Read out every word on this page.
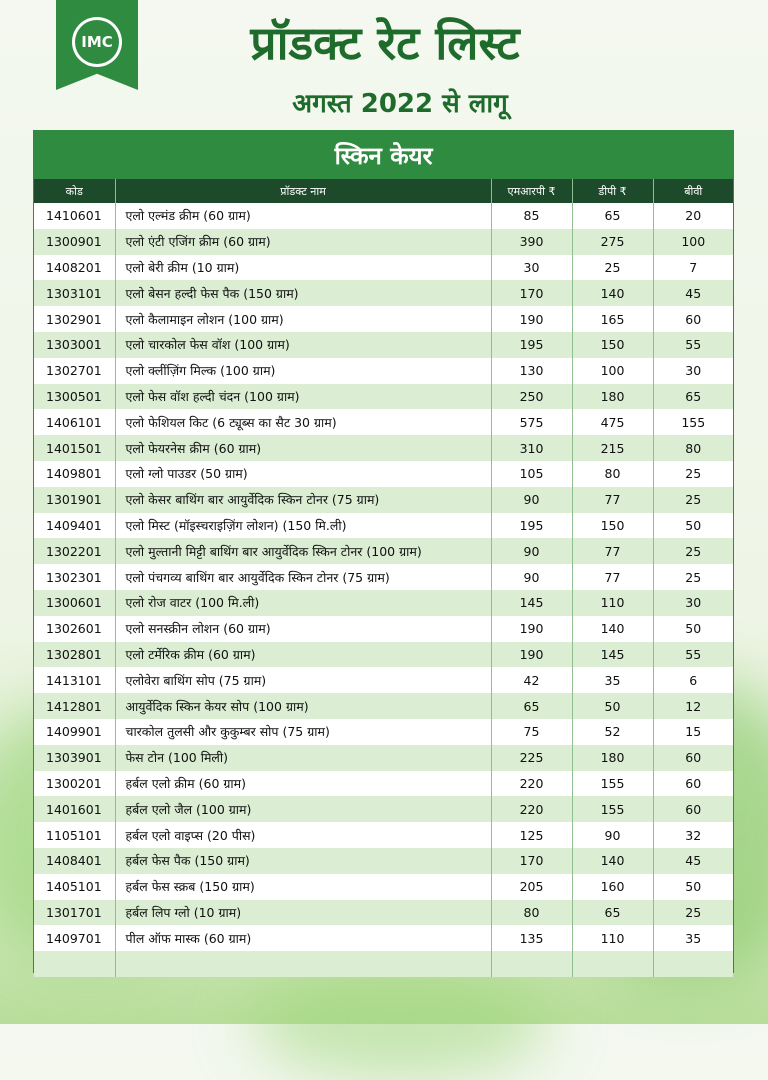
IMC	प्रॉडक्ट रेट लिस्ट
अगस्त 2022 से लागू
स्किन केयर
कोड	प्रॉडक्ट नाम	एमआरपी ₹	डीपी ₹	बीवी
1410601	एलो एल्मंड क्रीम (60 ग्राम)	85	65	20
1300901	एलो एंटी एजिंग क्रीम (60 ग्राम)	390	275	100
1408201	एलो बेरी क्रीम (10 ग्राम)	30	25	7
1303101	एलो बेसन हल्दी फेस पैक (150 ग्राम)	170	140	45
1302901	एलो कैलामाइन लोशन (100 ग्राम)	190	165	60
1303001	एलो चारकोल फेस वॉश (100 ग्राम)	195	150	55
1302701	एलो क्लींज़िंग मिल्क (100 ग्राम)	130	100	30
1300501	एलो फेस वॉश हल्दी चंदन (100 ग्राम)	250	180	65
1406101	एलो फेशियल किट (6 ट्यूब्स का सैट 30 ग्राम)	575	475	155
1401501	एलो फेयरनेस क्रीम (60 ग्राम)	310	215	80
1409801	एलो ग्लो पाउडर (50 ग्राम)	105	80	25
1301901	एलो केसर बाथिंग बार आयुर्वेदिक स्किन टोनर (75 ग्राम)	90	77	25
1409401	एलो मिस्ट (मॉइस्चराइज़िंग लोशन) (150 मि.ली)	195	150	50
1302201	एलो मुल्तानी मिट्टी बाथिंग बार आयुर्वेदिक स्किन टोनर (100 ग्राम)	90	77	25
1302301	एलो पंचगव्य बाथिंग बार आयुर्वेदिक स्किन टोनर (75 ग्राम)	90	77	25
1300601	एलो रोज वाटर (100 मि.ली)	145	110	30
1302601	एलो सनस्क्रीन लोशन (60 ग्राम)	190	140	50
1302801	एलो टर्मेरिक क्रीम (60 ग्राम)	190	145	55
1413101	एलोवेरा बाथिंग सोप (75 ग्राम)	42	35	6
1412801	आयुर्वेदिक स्किन केयर सोप (100 ग्राम)	65	50	12
1409901	चारकोल तुलसी और कुकुम्बर सोप (75 ग्राम)	75	52	15
1303901	फेस टोन (100 मिली)	225	180	60
1300201	हर्बल एलो क्रीम (60 ग्राम)	220	155	60
1401601	हर्बल एलो जैल (100 ग्राम)	220	155	60
1105101	हर्बल एलो वाइप्स (20 पीस)	125	90	32
1408401	हर्बल फेस पैक (150 ग्राम)	170	140	45
1405101	हर्बल फेस स्क्रब (150 ग्राम)	205	160	50
1301701	हर्बल लिप ग्लो (10 ग्राम)	80	65	25
1409701	पील ऑफ मास्क (60 ग्राम)	135	110	35
